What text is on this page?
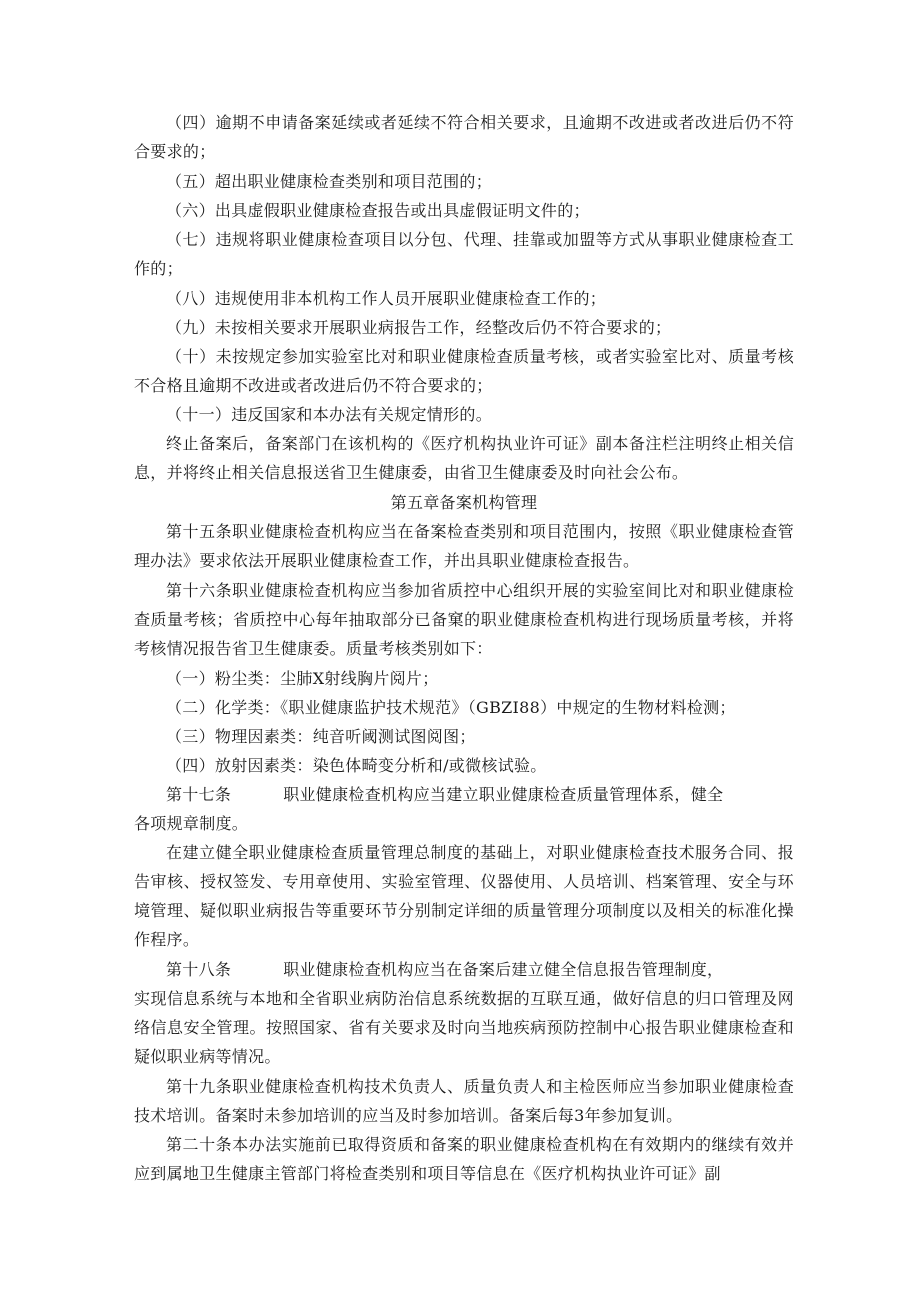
（四）逾期不申请备案延续或者延续不符合相关要求，且逾期不改进或者改进后仍不符合要求的；

（五）超出职业健康检查类别和项目范围的；

（六）出具虚假职业健康检查报告或出具虚假证明文件的；

（七）违规将职业健康检查项目以分包、代理、挂靠或加盟等方式从事职业健康检查工作的；

（八）违规使用非本机构工作人员开展职业健康检查工作的；

（九）未按相关要求开展职业病报告工作，经整改后仍不符合要求的；

（十）未按规定参加实验室比对和职业健康检查质量考核，或者实验室比对、质量考核不合格且逾期不改进或者改进后仍不符合要求的；

（十一）违反国家和本办法有关规定情形的。

终止备案后，备案部门在该机构的《医疗机构执业许可证》副本备注栏注明终止相关信息，并将终止相关信息报送省卫生健康委，由省卫生健康委及时向社会公布。

第五章备案机构管理

第十五条职业健康检查机构应当在备案检查类别和项目范围内，按照《职业健康检查管理办法》要求依法开展职业健康检查工作，并出具职业健康检查报告。

第十六条职业健康检查机构应当参加省质控中心组织开展的实验室间比对和职业健康检查质量考核；省质控中心每年抽取部分已备窠的职业健康检查机构进行现场质量考核，并将考核情况报告省卫生健康委。质量考核类别如下：

（一）粉尘类：尘肺X射线胸片阅片；

（二）化学类：《职业健康监护技术规范》（GBZI88）中规定的生物材料检测；

（三）物理因素类：纯音听阈测试图阅图；

（四）放射因素类：染色体畸变分析和/或微核试验。

第十七条	职业健康检查机构应当建立职业健康检查质量管理体系，健全

各项规章制度。

在建立健全职业健康检查质量管理总制度的基础上，对职业健康检查技术服务合同、报告审核、授权签发、专用章使用、实验室管理、仪器使用、人员培训、档案管理、安全与环境管理、疑似职业病报告等重要环节分别制定详细的质量管理分项制度以及相关的标准化操作程序。

第十八条	职业健康检查机构应当在备案后建立健全信息报告管理制度，

实现信息系统与本地和全省职业病防治信息系统数据的互联互通，做好信息的归口管理及网络信息安全管理。按照国家、省有关要求及时向当地疾病预防控制中心报告职业健康检查和疑似职业病等情况。

第十九条职业健康检查机构技术负责人、质量负责人和主检医师应当参加职业健康检查技术培训。备案时未参加培训的应当及时参加培训。备案后每3年参加复训。

第二十条本办法实施前已取得资质和备案的职业健康检查机构在有效期内的继续有效并应到属地卫生健康主管部门将检查类别和项目等信息在《医疗机构执业许可证》副
